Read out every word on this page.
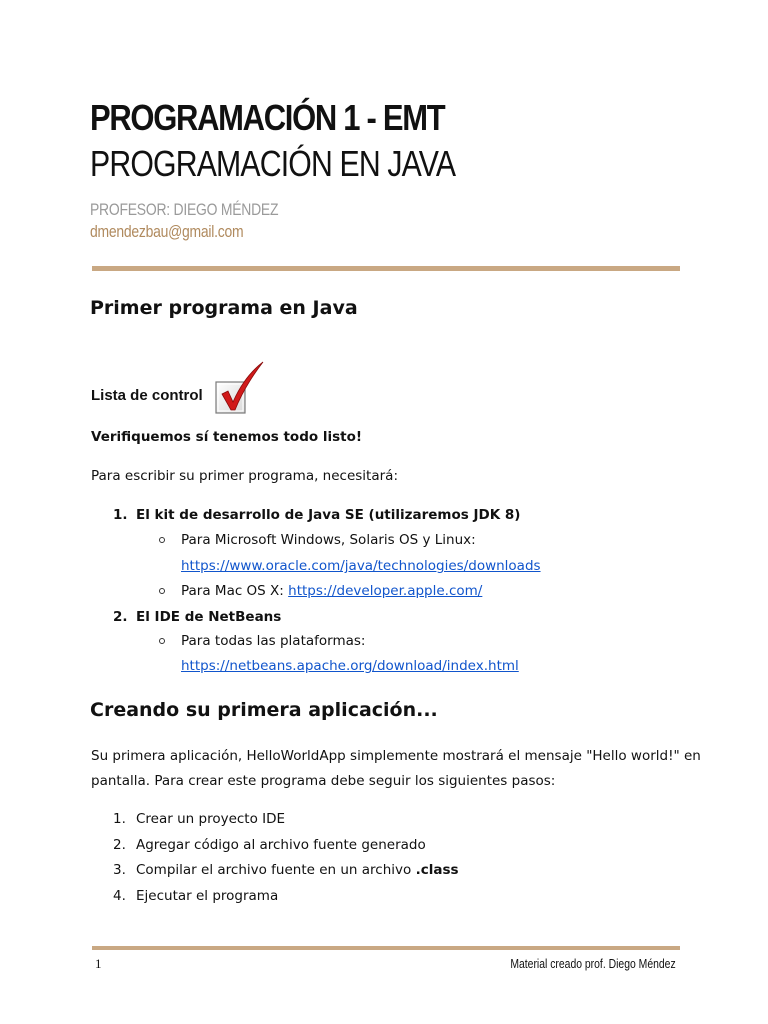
PROGRAMACIÓN 1 - EMT
PROGRAMACIÓN EN JAVA
PROFESOR: DIEGO MÉNDEZ
dmendezbau@gmail.com
Primer programa en Java
Lista de control
Verifiquemos sí tenemos todo listo!
Para escribir su primer programa, necesitará:
1. El kit de desarrollo de Java SE (utilizaremos JDK 8)
Para Microsoft Windows, Solaris OS y Linux:
https://www.oracle.com/java/technologies/downloads
Para Mac OS X: https://developer.apple.com/
2. El IDE de NetBeans
Para todas las plataformas:
https://netbeans.apache.org/download/index.html
Creando su primera aplicación...
Su primera aplicación, HelloWorldApp simplemente mostrará el mensaje "Hello world!" en
pantalla. Para crear este programa debe seguir los siguientes pasos:
1. Crear un proyecto IDE
2. Agregar código al archivo fuente generado
3. Compilar el archivo fuente en un archivo .class
4. Ejecutar el programa
1	Material creado prof. Diego Méndez
